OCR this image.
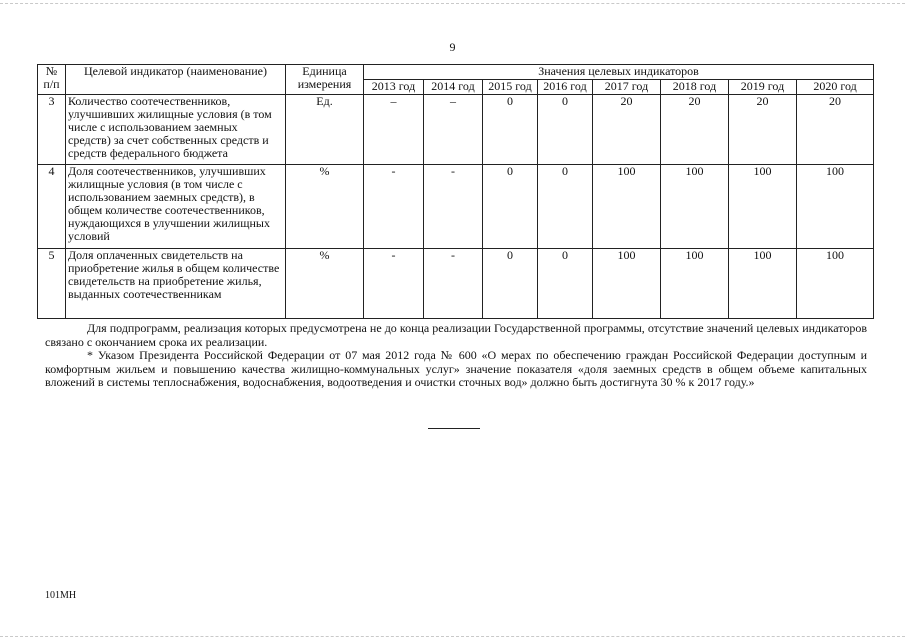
9
№ п/п	Целевой индикатор (наименование)	Единица измерения	Значения целевых индикаторов							
			2013 год	2014 год	2015 год	2016 год	2017 год	2018 год	2019 год	2020 год
3	Количество соотечественников, улучшивших жилищные условия (в том числе с использованием заемных средств) за счет собственных средств и средств федерального бюджета	Ед.	–	–	0	0	20	20	20	20
4	Доля соотечественников, улучшивших жилищные условия (в том числе с использованием заемных средств), в общем количестве соотечественников, нуждающихся в улучшении жилищных условий	%	-	-	0	0	100	100	100	100
5	Доля оплаченных свидетельств на приобретение жилья в общем количестве свидетельств на приобретение жилья, выданных соотечественникам	%	-	-	0	0	100	100	100	100

Для подпрограмм, реализация которых предусмотрена не до конца реализации Государственной программы, отсутствие значений целевых индикаторов связано с окончанием срока их реализации.

* Указом Президента Российской Федерации от 07 мая 2012 года № 600 «О мерах по обеспечению граждан Российской Федерации доступным и комфортным жильем и повышению качества жилищно-коммунальных услуг» значение показателя «доля заемных средств в общем объеме капитальных вложений в системы теплоснабжения, водоснабжения, водоотведения и очистки сточных вод» должно быть достигнута 30 % к 2017 году.»

101МН
